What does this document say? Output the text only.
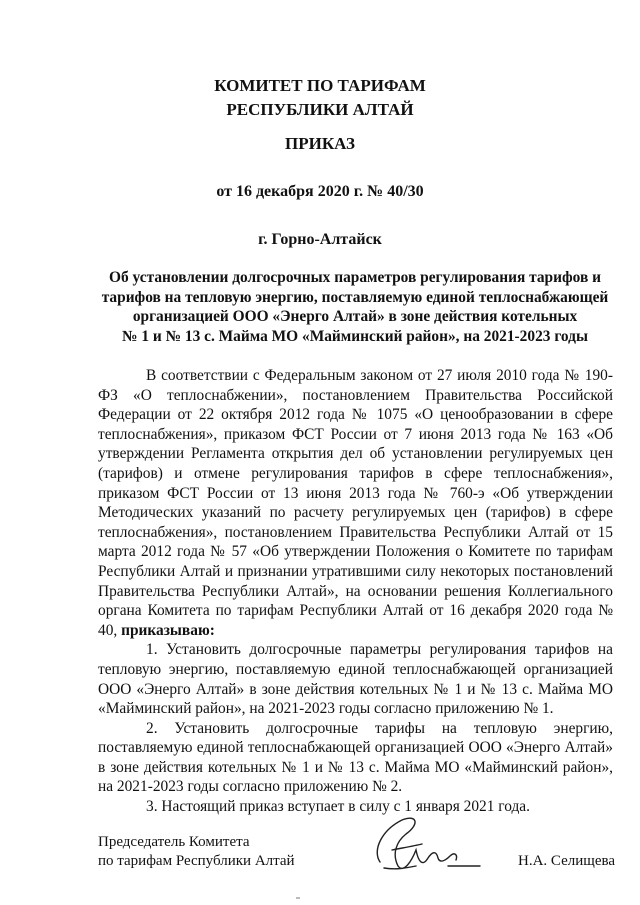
КОМИТЕТ ПО ТАРИФАМ
РЕСПУБЛИКИ АЛТАЙ
ПРИКАЗ
от 16 декабря 2020 г. № 40/30
г. Горно-Алтайск
Об установлении долгосрочных параметров регулирования тарифов и
тарифов на тепловую энергию, поставляемую единой теплоснабжающей
организацией ООО «Энерго Алтай» в зоне действия котельных
№ 1 и № 13 с. Майма МО «Майминский район», на 2021-2023 годы

В соответствии с Федеральным законом от 27 июля 2010 года № 190-ФЗ «О теплоснабжении», постановлением Правительства Российской Федерации от 22 октября 2012 года № 1075 «О ценообразовании в сфере теплоснабжения», приказом ФСТ России от 7 июня 2013 года № 163 «Об утверждении Регламента открытия дел об установлении регулируемых цен (тарифов) и отмене регулирования тарифов в сфере теплоснабжения», приказом ФСТ России от 13 июня 2013 года № 760-э «Об утверждении Методических указаний по расчету регулируемых цен (тарифов) в сфере теплоснабжения», постановлением Правительства Республики Алтай от 15 марта 2012 года № 57 «Об утверждении Положения о Комитете по тарифам Республики Алтай и признании утратившими силу некоторых постановлений Правительства Республики Алтай», на основании решения Коллегиального органа Комитета по тарифам Республики Алтай от 16 декабря 2020 года № 40, приказываю:

1. Установить долгосрочные параметры регулирования тарифов на тепловую энергию, поставляемую единой теплоснабжающей организацией ООО «Энерго Алтай» в зоне действия котельных № 1 и № 13 с. Майма МО «Майминский район», на 2021-2023 годы согласно приложению № 1.

2. Установить долгосрочные тарифы на тепловую энергию, поставляемую единой теплоснабжающей организацией ООО «Энерго Алтай» в зоне действия котельных № 1 и № 13 с. Майма МО «Майминский район», на 2021-2023 годы согласно приложению № 2.

3. Настоящий приказ вступает в силу с 1 января 2021 года.

Председатель Комитета
по тарифам Республики Алтай	Н.А. Селищева
